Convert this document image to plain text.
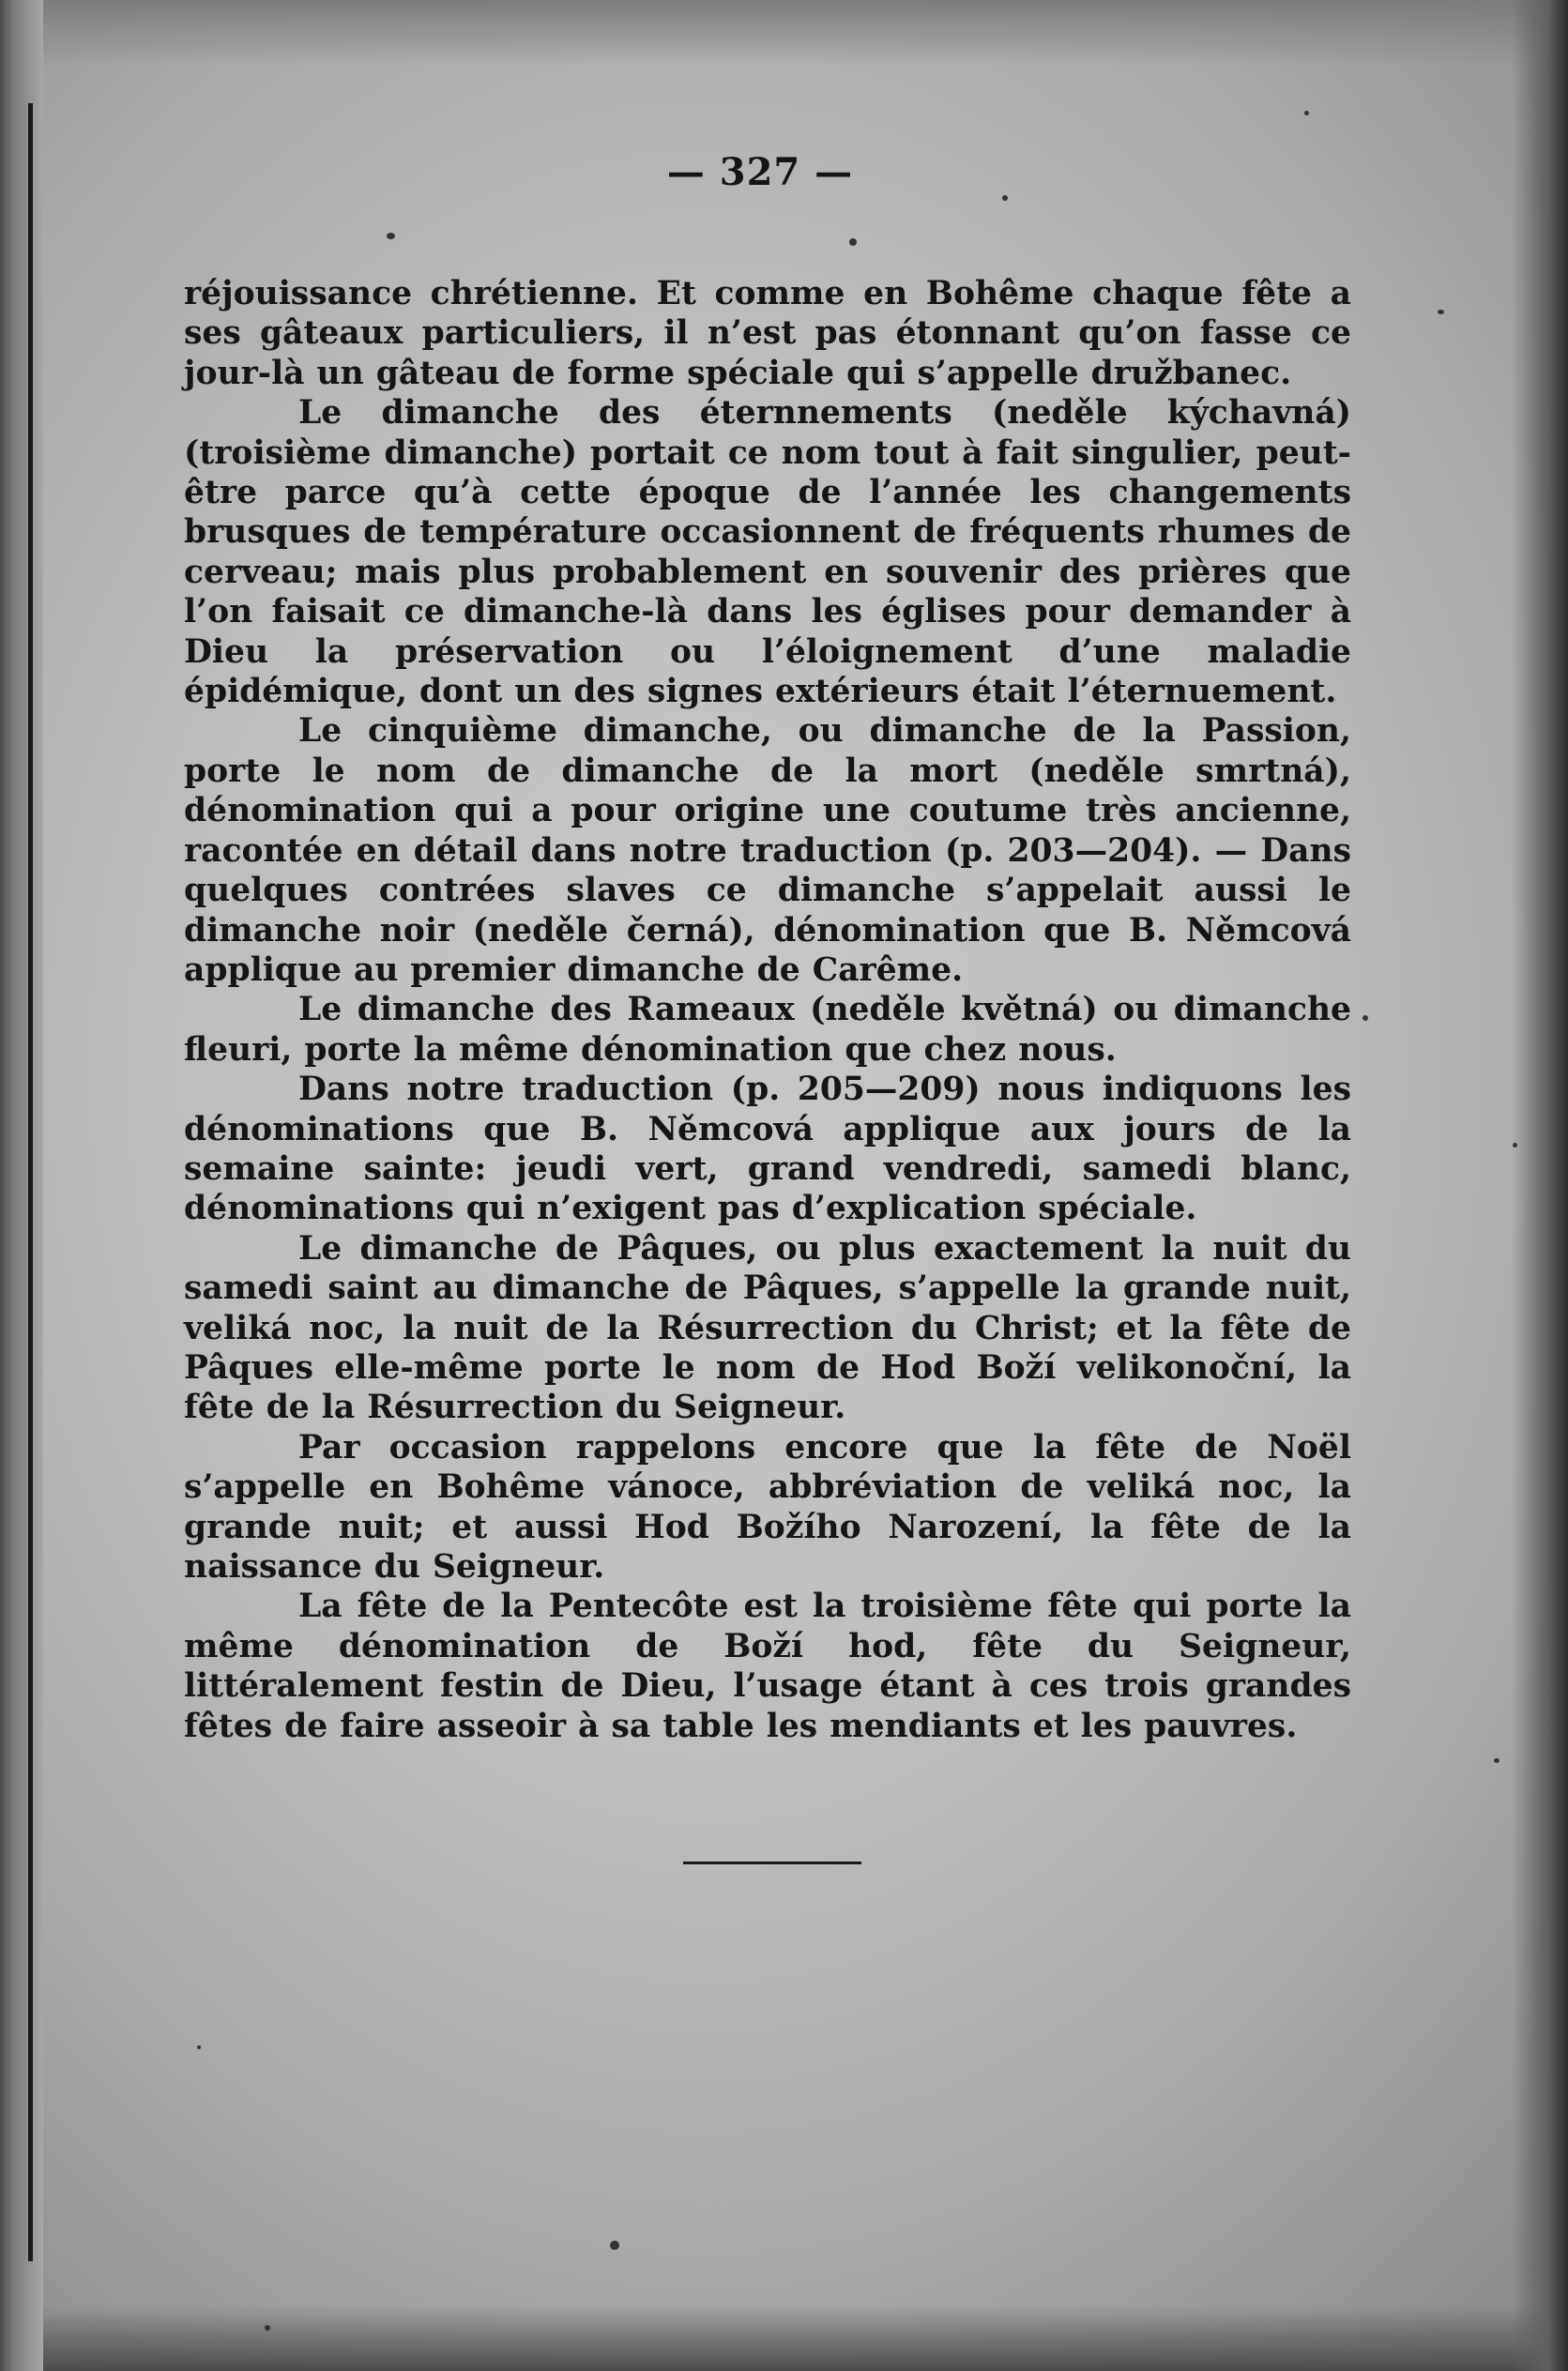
— 327 —

réjouissance chrétienne. Et comme en Bohême chaque fête a ses gâteaux particuliers, il n’est pas étonnant qu’on fasse ce jour-là un gâteau de forme spéciale qui s’appelle družbanec.

Le dimanche des éternnements (neděle kýchavná) (troisième dimanche) portait ce nom tout à fait singulier, peut-être parce qu’à cette époque de l’année les changements brusques de température occasionnent de fréquents rhumes de cerveau; mais plus probablement en souvenir des prières que l’on faisait ce dimanche-là dans les églises pour demander à Dieu la préservation ou l’éloignement d’une maladie épidémique, dont un des signes extérieurs était l’éternuement.

Le cinquième dimanche, ou dimanche de la Passion, porte le nom de dimanche de la mort (neděle smrtná), dénomination qui a pour origine une coutume très ancienne, racontée en détail dans notre traduction (p. 203—204). — Dans quelques contrées slaves ce dimanche s’appelait aussi le dimanche noir (neděle černá), dénomination que B. Němcová applique au premier dimanche de Carême.

Le dimanche des Rameaux (neděle květná) ou dimanche fleuri, porte la même dénomination que chez nous.

Dans notre traduction (p. 205—209) nous indiquons les dénominations que B. Němcová applique aux jours de la semaine sainte: jeudi vert, grand vendredi, samedi blanc, dénominations qui n’exigent pas d’explication spéciale.

Le dimanche de Pâques, ou plus exactement la nuit du samedi saint au dimanche de Pâques, s’appelle la grande nuit, veliká noc, la nuit de la Résurrection du Christ; et la fête de Pâques elle-même porte le nom de Hod Boží velikonoční, la fête de la Résurrection du Seigneur.

Par occasion rappelons encore que la fête de Noël s’appelle en Bohême vánoce, abbréviation de veliká noc, la grande nuit; et aussi Hod Božího Narození, la fête de la naissance du Seigneur.

La fête de la Pentecôte est la troisième fête qui porte la même dénomination de Boží hod, fête du Seigneur, littéralement festin de Dieu, l’usage étant à ces trois grandes fêtes de faire asseoir à sa table les mendiants et les pauvres.
